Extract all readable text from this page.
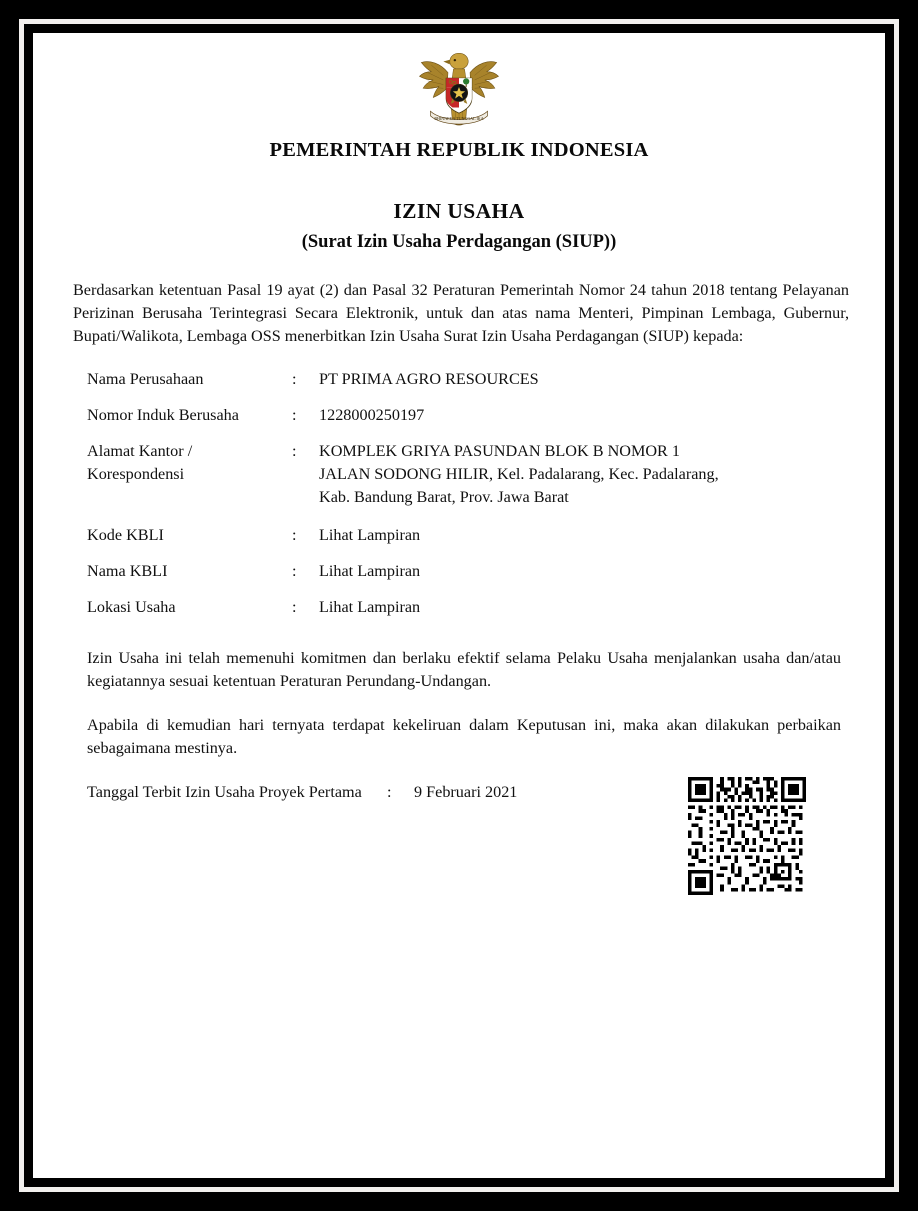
BHINNEKA TUNGGAL IKA
PEMERINTAH REPUBLIK INDONESIA
IZIN USAHA
(Surat Izin Usaha Perdagangan (SIUP))

Berdasarkan ketentuan Pasal 19 ayat (2) dan Pasal 32 Peraturan Pemerintah Nomor 24 tahun 2018 tentang Pelayanan Perizinan Berusaha Terintegrasi Secara Elektronik, untuk dan atas nama Menteri, Pimpinan Lembaga, Gubernur, Bupati/Walikota, Lembaga OSS menerbitkan Izin Usaha Surat Izin Usaha Perdagangan (SIUP) kepada:

Nama Perusahaan	:	PT PRIMA AGRO RESOURCES
Nomor Induk Berusaha	:	1228000250197

Alamat Kantor /
Korespondensi	:	KOMPLEK GRIYA PASUNDAN BLOK B NOMOR 1
JALAN SODONG HILIR, Kel. Padalarang, Kec. Padalarang,
Kab. Bandung Barat, Prov. Jawa Barat

Kode KBLI	:	Lihat Lampiran
Nama KBLI	:	Lihat Lampiran
Lokasi Usaha	:	Lihat Lampiran

Izin Usaha ini telah memenuhi komitmen dan berlaku efektif selama Pelaku Usaha menjalankan usaha dan/atau kegiatannya sesuai ketentuan Peraturan Perundang-Undangan.

Apabila di kemudian hari ternyata terdapat kekeliruan dalam Keputusan ini, maka akan dilakukan perbaikan sebagaimana mestinya.

Tanggal Terbit Izin Usaha Proyek Pertama	:	9 Februari 2021
